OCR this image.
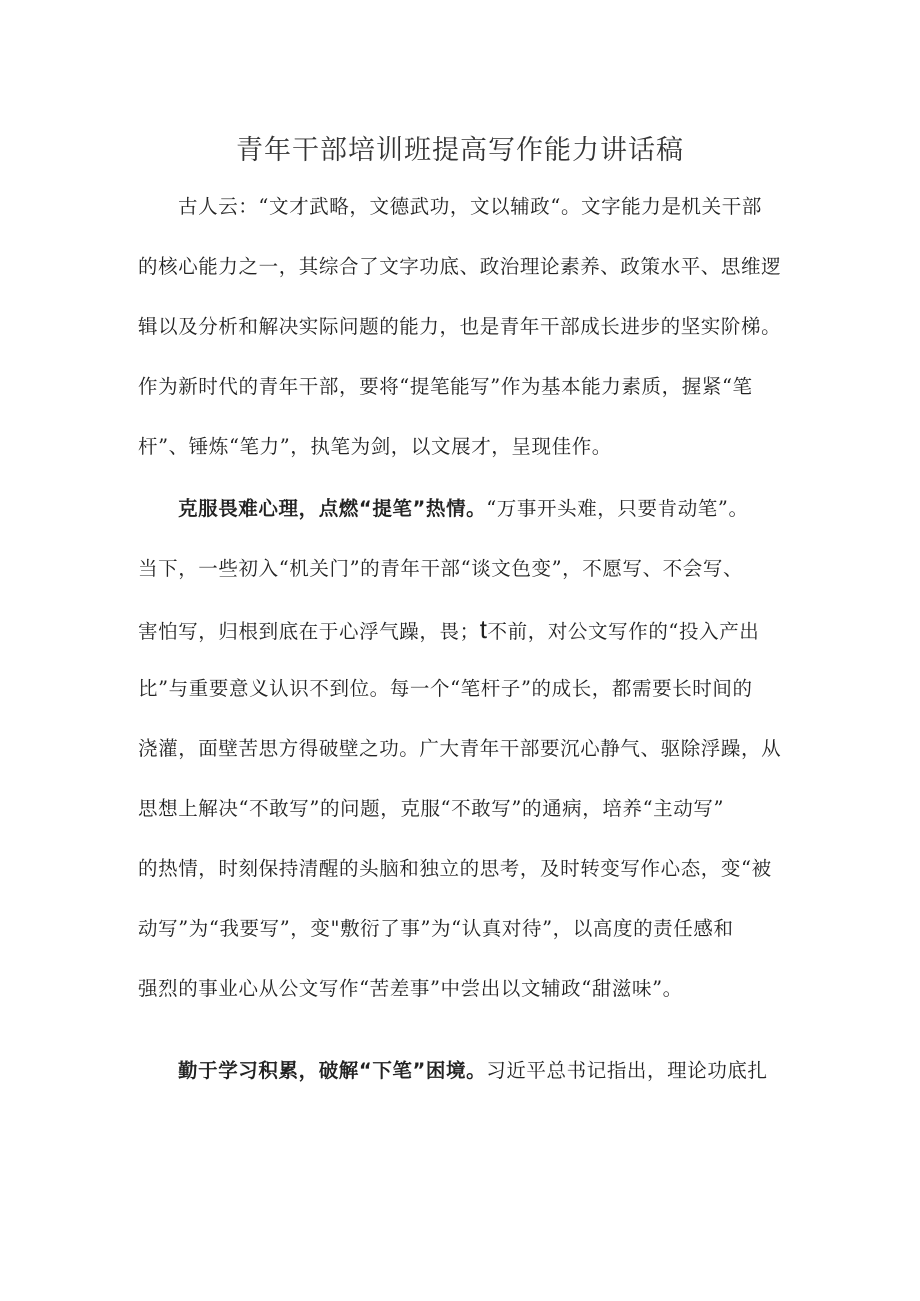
青年干部培训班提高写作能力讲话稿
古人云：“文才武略，文德武功，文以辅政“。文字能力是机关干部
的核心能力之一，其综合了文字功底、政治理论素养、政策水平、思维逻
辑以及分析和解决实际问题的能力，也是青年干部成长进步的坚实阶梯。
作为新时代的青年干部，要将“提笔能写”作为基本能力素质，握紧“笔
杆”、锤炼“笔力”，执笔为剑，以文展才，呈现佳作。
克服畏难心理，点燃“提笔”热情。“万事开头难，只要肯动笔”。
当下，一些初入“机关门”的青年干部“谈文色变”，不愿写、不会写、
害怕写，归根到底在于心浮气躁，畏；t不前，对公文写作的“投入产出
比”与重要意义认识不到位。每一个“笔杆子”的成长，都需要长时间的
浇灌，面壁苦思方得破壁之功。广大青年干部要沉心静气、驱除浮躁，从
思想上解决“不敢写”的问题，克服“不敢写”的通病，培养“主动写”
的热情，时刻保持清醒的头脑和独立的思考，及时转变写作心态，变“被
动写”为“我要写”，变"敷衍了事”为“认真对待”，以高度的责任感和
强烈的事业心从公文写作“苦差事”中尝出以文辅政“甜滋味”。
勤于学习积累，破解“下笔”困境。习近平总书记指出，理论功底扎
